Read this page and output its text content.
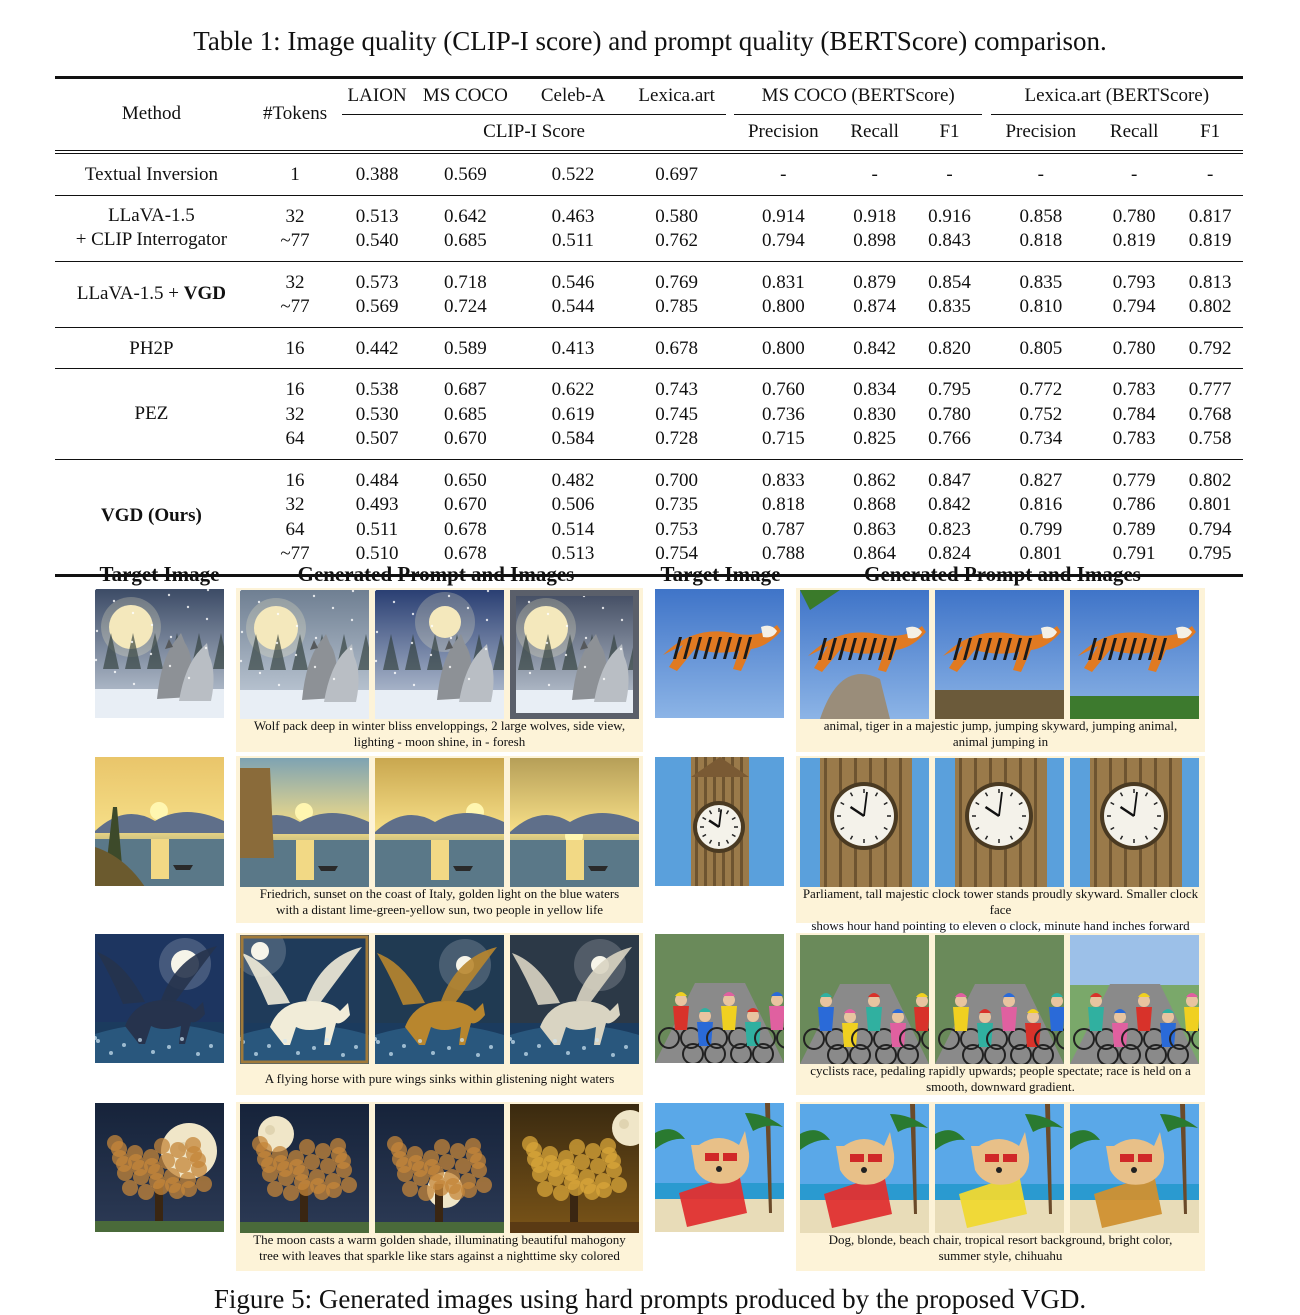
Table 1: Image quality (CLIP-I score) and prompt quality (BERTScore) comparison.
Method	#Tokens	LAION	MS COCO	Celeb-A	Lexica.art		MS COCO (BERTScore)				Lexica.art (BERTScore)		
		CLIP-I Score					Precision	Recall	F1		Precision	Recall	F1
Textual Inversion	1	0.388	0.569	0.522	0.697		-	-	-		-	-	-

LLaVA-1.5
+ CLIP Interrogator	32	0.513	0.642	0.463	0.580		0.914	0.918	0.916		0.858	0.780	0.817
	~77	0.540	0.685	0.511	0.762		0.794	0.898	0.843		0.818	0.819	0.819
LLaVA-1.5 + VGD	32	0.573	0.718	0.546	0.769		0.831	0.879	0.854		0.835	0.793	0.813
	~77	0.569	0.724	0.544	0.785		0.800	0.874	0.835		0.810	0.794	0.802
PH2P	16	0.442	0.589	0.413	0.678		0.800	0.842	0.820		0.805	0.780	0.792
PEZ	16	0.538	0.687	0.622	0.743		0.760	0.834	0.795		0.772	0.783	0.777
	32	0.530	0.685	0.619	0.745		0.736	0.830	0.780		0.752	0.784	0.768
	64	0.507	0.670	0.584	0.728		0.715	0.825	0.766		0.734	0.783	0.758
VGD (Ours)	16	0.484	0.650	0.482	0.700		0.833	0.862	0.847		0.827	0.779	0.802
	32	0.493	0.670	0.506	0.735		0.818	0.868	0.842		0.816	0.786	0.801
	64	0.511	0.678	0.514	0.753		0.787	0.863	0.823		0.799	0.789	0.794
	~77	0.510	0.678	0.513	0.754		0.788	0.864	0.824		0.801	0.791	0.795
Target Image	Generated Prompt and Images	Target Image	Generated Prompt and Images
Wolf pack deep in winter bliss enveloppings, 2 large wolves, side view,
lighting - moon shine, in - foresh
Friedrich, sunset on the coast of Italy, golden light on the blue waters
with a distant lime-green-yellow sun, two people in yellow life
A flying horse with pure wings sinks within glistening night waters
The moon casts a warm golden shade, illuminating beautiful mahogony
tree with leaves that sparkle like stars against a nighttime sky colored
animal, tiger in a majestic jump, jumping skyward, jumping animal,
animal jumping in
Parliament, tall majestic clock tower stands proudly skyward. Smaller clock face
shows hour hand pointing to eleven o clock, minute hand inches forward
cyclists race, pedaling rapidly upwards; people spectate; race is held on a
smooth, downward gradient.
Dog, blonde, beach chair, tropical resort background, bright color,
summer style, chihuahu
Figure 5: Generated images using hard prompts produced by the proposed VGD.
